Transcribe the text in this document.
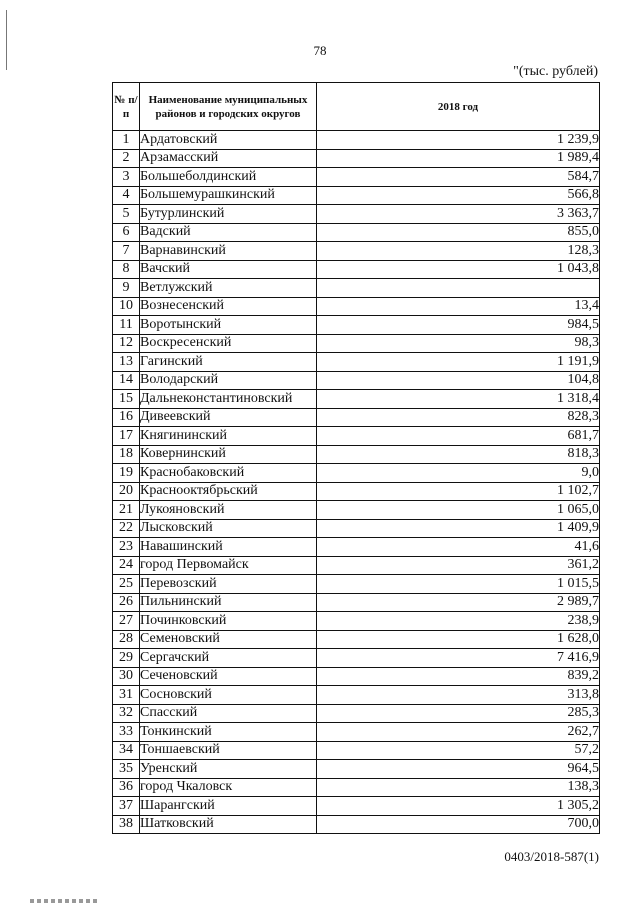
78
"(тыс. рублей)
№ п/п	Наименование муниципальных районов и городских округов	2018 год
1	Ардатовский	1 239,9
2	Арзамасский	1 989,4
3	Большеболдинский	584,7
4	Большемурашкинский	566,8
5	Бутурлинский	3 363,7
6	Вадский	855,0
7	Варнавинский	128,3
8	Вачский	1 043,8
9	Ветлужский	
10	Вознесенский	13,4
11	Воротынский	984,5
12	Воскресенский	98,3
13	Гагинский	1 191,9
14	Володарский	104,8
15	Дальнеконстантиновский	1 318,4
16	Дивеевский	828,3
17	Княгининский	681,7
18	Ковернинский	818,3
19	Краснобаковский	9,0
20	Краснооктябрьский	1 102,7
21	Лукояновский	1 065,0
22	Лысковский	1 409,9
23	Навашинский	41,6
24	город Первомайск	361,2
25	Перевозский	1 015,5
26	Пильнинский	2 989,7
27	Починковский	238,9
28	Семеновский	1 628,0
29	Сергачский	7 416,9
30	Сеченовский	839,2
31	Сосновский	313,8
32	Спасский	285,3
33	Тонкинский	262,7
34	Тоншаевский	57,2
35	Уренский	964,5
36	город Чкаловск	138,3
37	Шарангский	1 305,2
38	Шатковский	700,0
0403/2018-587(1)
